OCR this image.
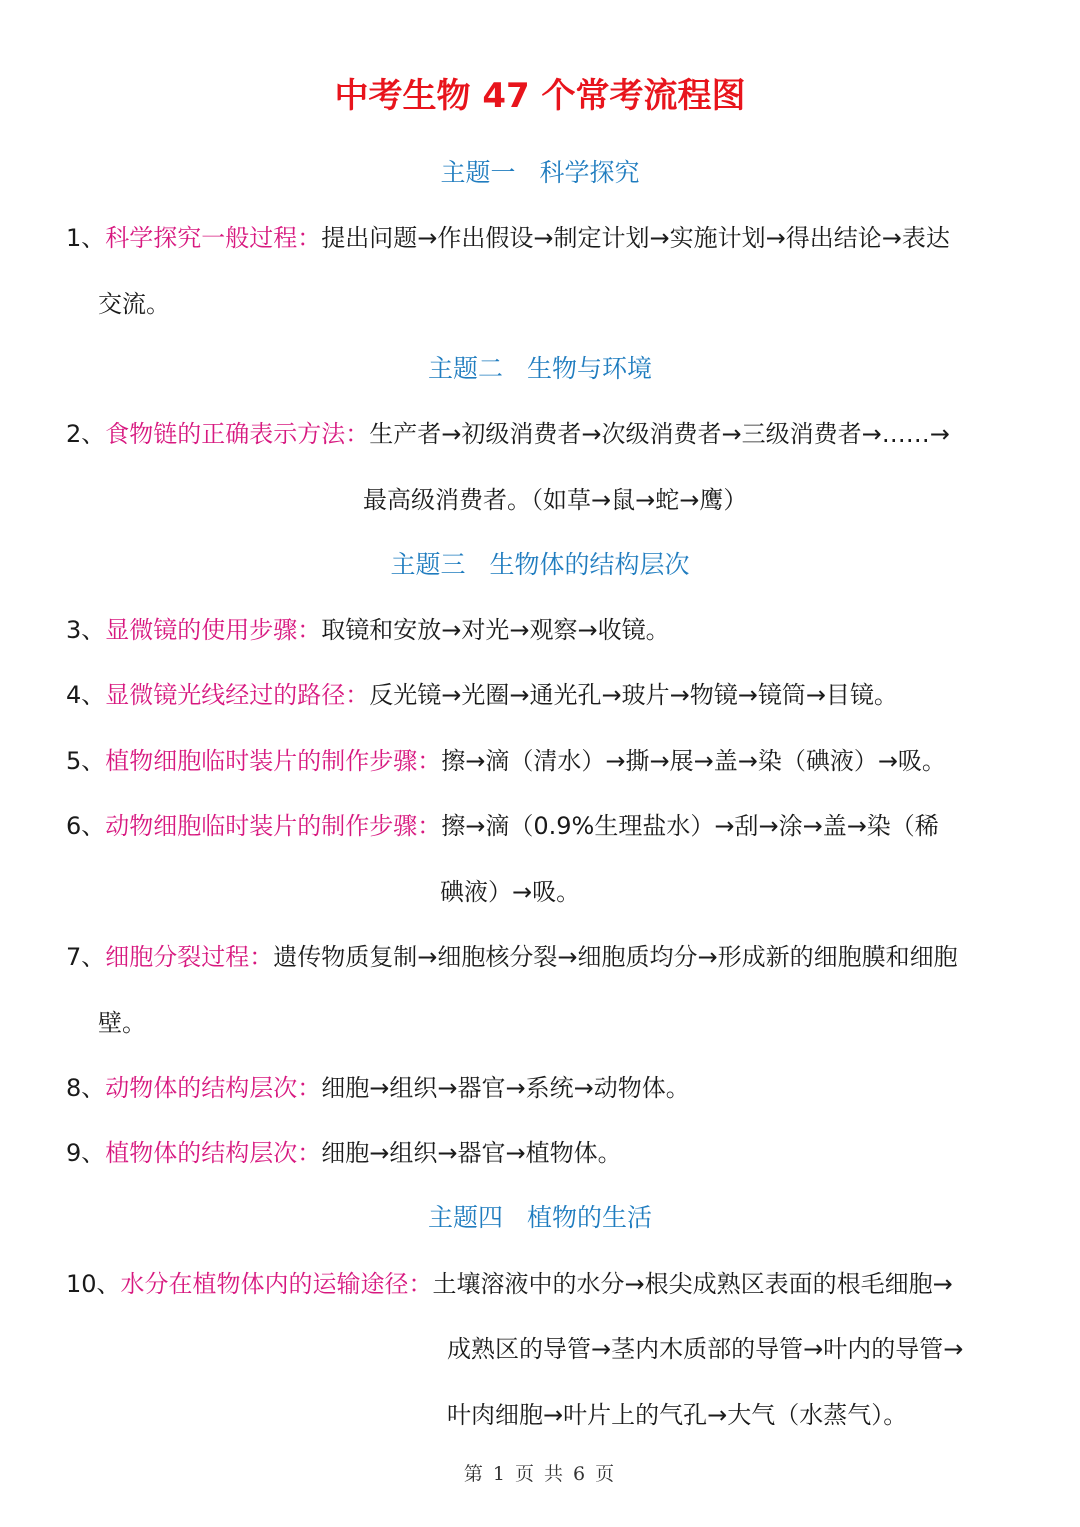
中考生物 47 个常考流程图
主题一 科学探究
1、科学探究一般过程：提出问题→作出假设→制定计划→实施计划→得出结论→表达
交流。
主题二 生物与环境
2、食物链的正确表示方法：生产者→初级消费者→次级消费者→三级消费者→……→
最高级消费者。（如草→鼠→蛇→鹰）
主题三 生物体的结构层次
3、显微镜的使用步骤：取镜和安放→对光→观察→收镜。
4、显微镜光线经过的路径：反光镜→光圈→通光孔→玻片→物镜→镜筒→目镜。
5、植物细胞临时装片的制作步骤：擦→滴（清水）→撕→展→盖→染（碘液）→吸。
6、动物细胞临时装片的制作步骤：擦→滴（0.9%生理盐水）→刮→涂→盖→染（稀
碘液）→吸。
7、细胞分裂过程：遗传物质复制→细胞核分裂→细胞质均分→形成新的细胞膜和细胞
壁。
8、动物体的结构层次：细胞→组织→器官→系统→动物体。
9、植物体的结构层次：细胞→组织→器官→植物体。
主题四 植物的生活
10、水分在植物体内的运输途径：土壤溶液中的水分→根尖成熟区表面的根毛细胞→
成熟区的导管→茎内木质部的导管→叶内的导管→
叶肉细胞→叶片上的气孔→大气（水蒸气）。
第 1 页 共 6 页
